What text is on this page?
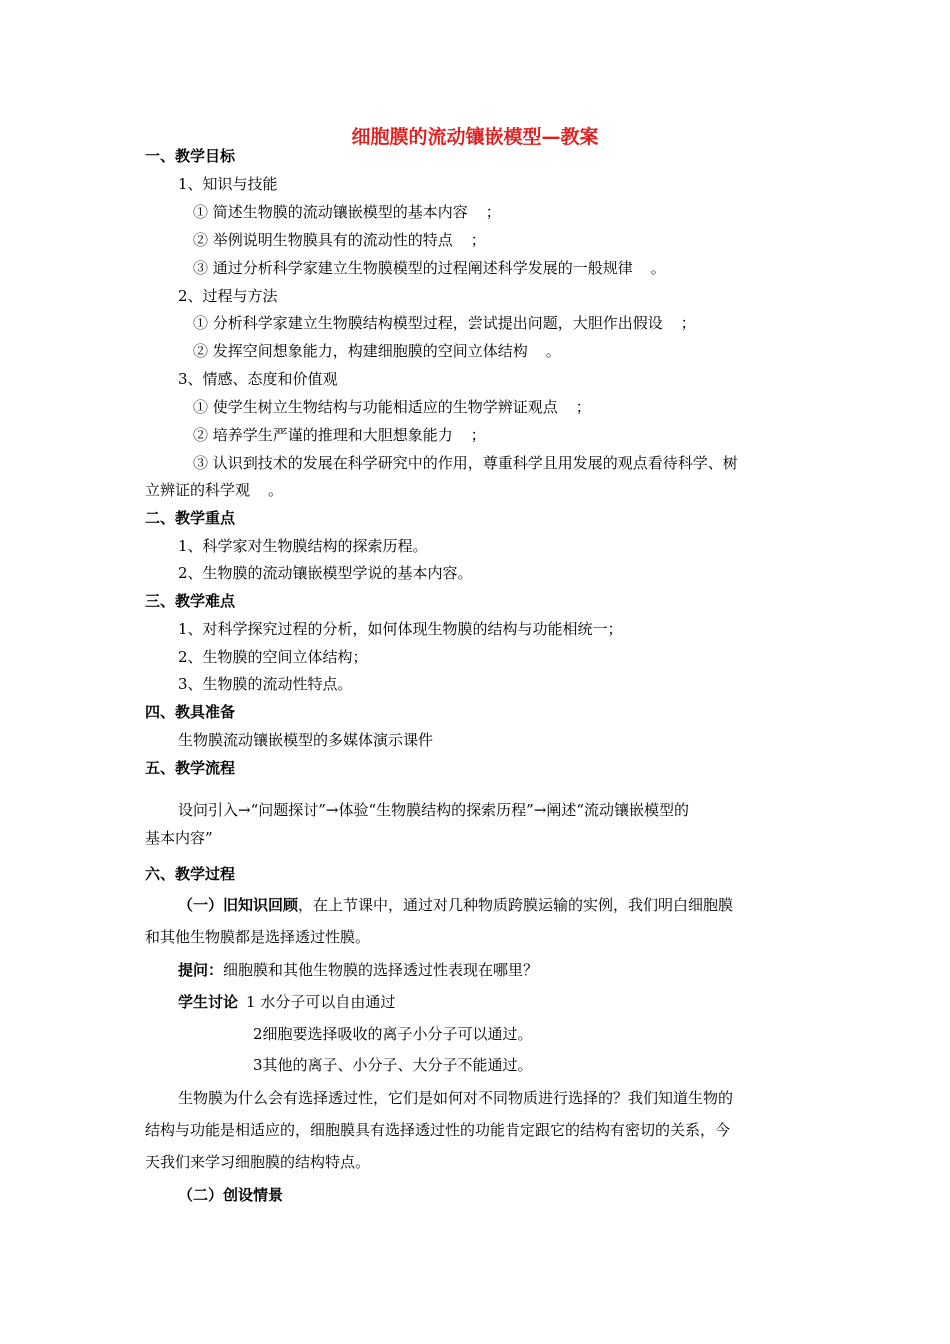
细胞膜的流动镶嵌模型—教案
一、教学目标
1、知识与技能
① 简述生物膜的流动镶嵌模型的基本内容 ；
② 举例说明生物膜具有的流动性的特点 ；
③ 通过分析科学家建立生物膜模型的过程阐述科学发展的一般规律 。
2、过程与方法
① 分析科学家建立生物膜结构模型过程，尝试提出问题，大胆作出假设 ；
② 发挥空间想象能力，构建细胞膜的空间立体结构 。
3、情感、态度和价值观
① 使学生树立生物结构与功能相适应的生物学辨证观点 ；
② 培养学生严谨的推理和大胆想象能力 ；
③ 认识到技术的发展在科学研究中的作用，尊重科学且用发展的观点看待科学、树
立辨证的科学观 。
二、教学重点
1、科学家对生物膜结构的探索历程。
2、生物膜的流动镶嵌模型学说的基本内容。
三、教学难点
1、对科学探究过程的分析，如何体现生物膜的结构与功能相统一；
2、生物膜的空间立体结构；
3、生物膜的流动性特点。
四、教具准备
生物膜流动镶嵌模型的多媒体演示课件
五、教学流程
设问引入→“问题探讨”→体验“生物膜结构的探索历程”→阐述“流动镶嵌模型的
基本内容”
六、教学过程
（一）旧知识回顾，在上节课中，通过对几种物质跨膜运输的实例，我们明白细胞膜
和其他生物膜都是选择透过性膜。
提问：细胞膜和其他生物膜的选择透过性表现在哪里？
学生讨论 1 水分子可以自由通过
2细胞要选择吸收的离子小分子可以通过。
3其他的离子、小分子、大分子不能通过。
生物膜为什么会有选择透过性，它们是如何对不同物质进行选择的？我们知道生物的
结构与功能是相适应的，细胞膜具有选择透过性的功能肯定跟它的结构有密切的关系，今
天我们来学习细胞膜的结构特点。
（二）创设情景
